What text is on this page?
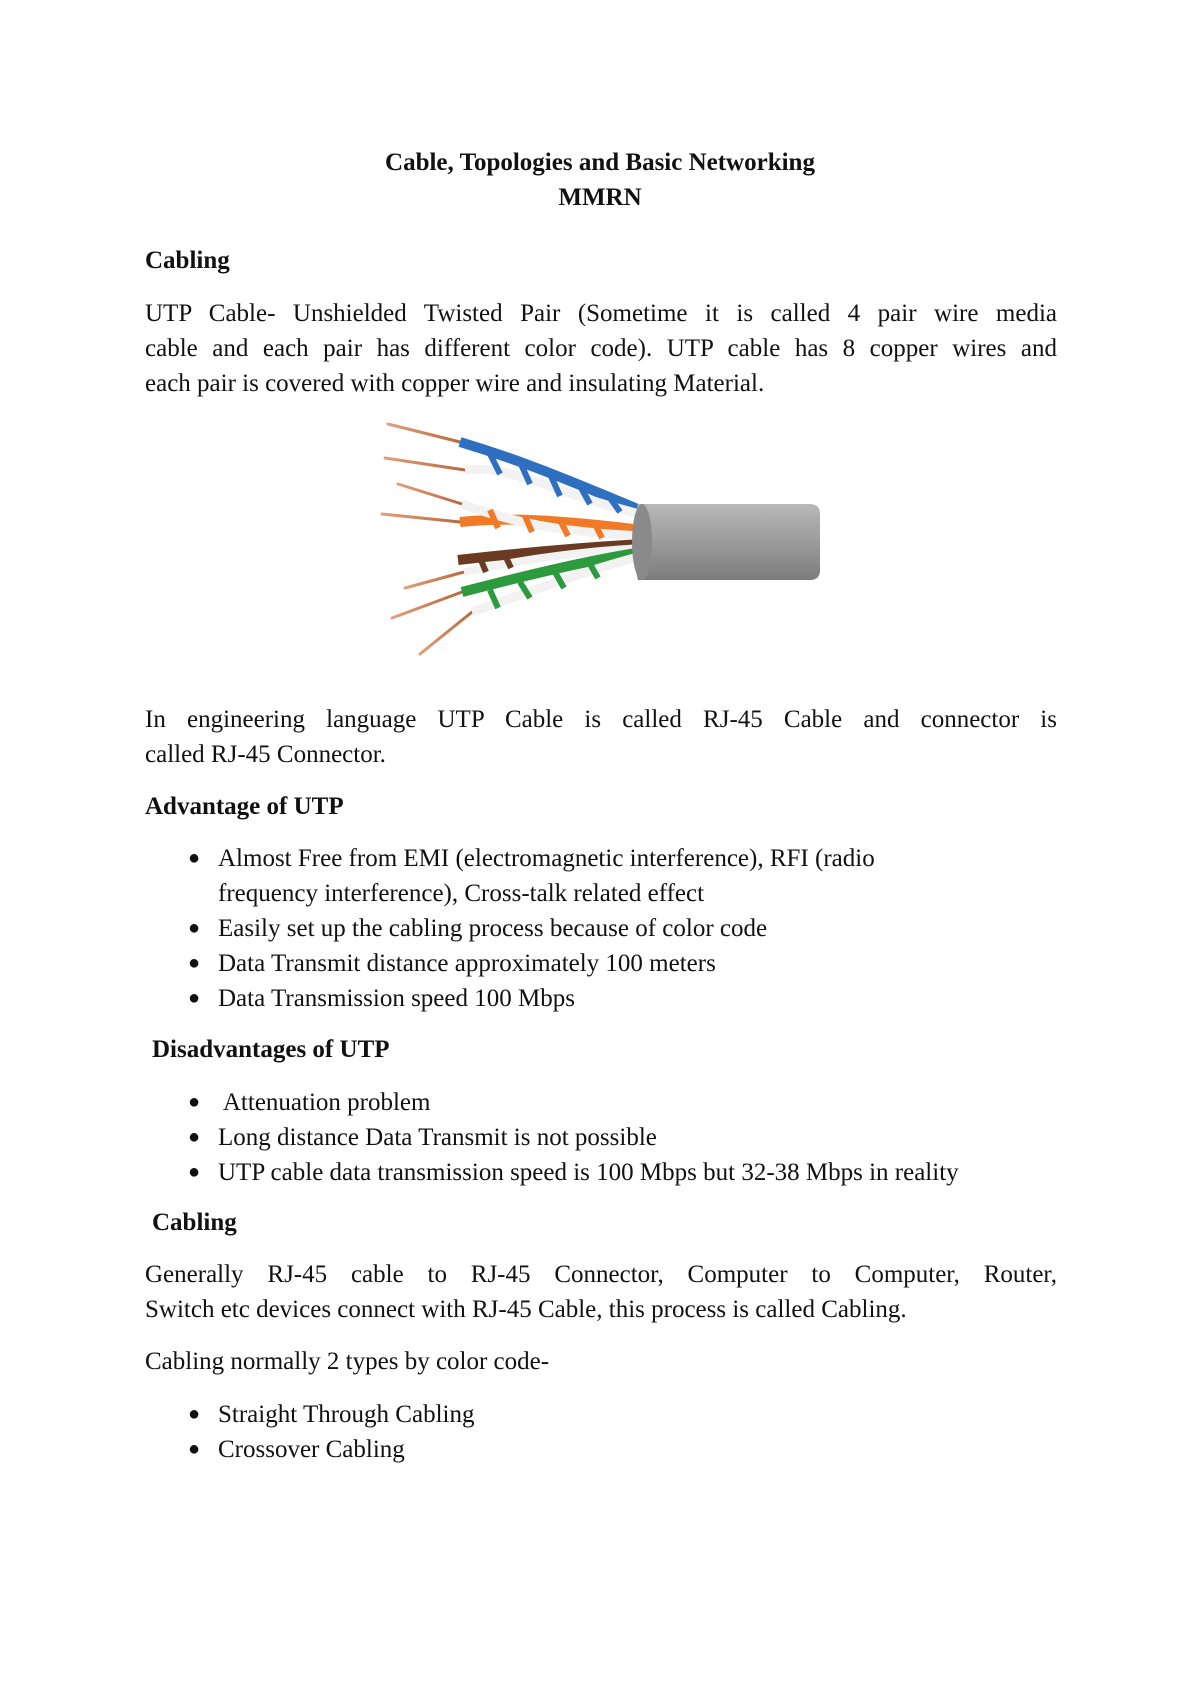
Cable, Topologies and Basic Networking
MMRN
Cabling
UTP Cable- Unshielded Twisted Pair (Sometime it is called 4 pair wire media
cable and each pair has different color code). UTP cable has 8 copper wires and
each pair is covered with copper wire and insulating Material.
In engineering language UTP Cable is called RJ-45 Cable and connector is
called RJ-45 Connector.
Advantage of UTP
● Almost Free from EMI (electromagnetic interference), RFI (radio
frequency interference), Cross-talk related effect
● Easily set up the cabling process because of color code
● Data Transmit distance approximately 100 meters
● Data Transmission speed 100 Mbps
Disadvantages of UTP
● Attenuation problem
● Long distance Data Transmit is not possible
● UTP cable data transmission speed is 100 Mbps but 32-38 Mbps in reality
Cabling
Generally RJ-45 cable to RJ-45 Connector, Computer to Computer, Router,
Switch etc devices connect with RJ-45 Cable, this process is called Cabling.
Cabling normally 2 types by color code-
● Straight Through Cabling
● Crossover Cabling
